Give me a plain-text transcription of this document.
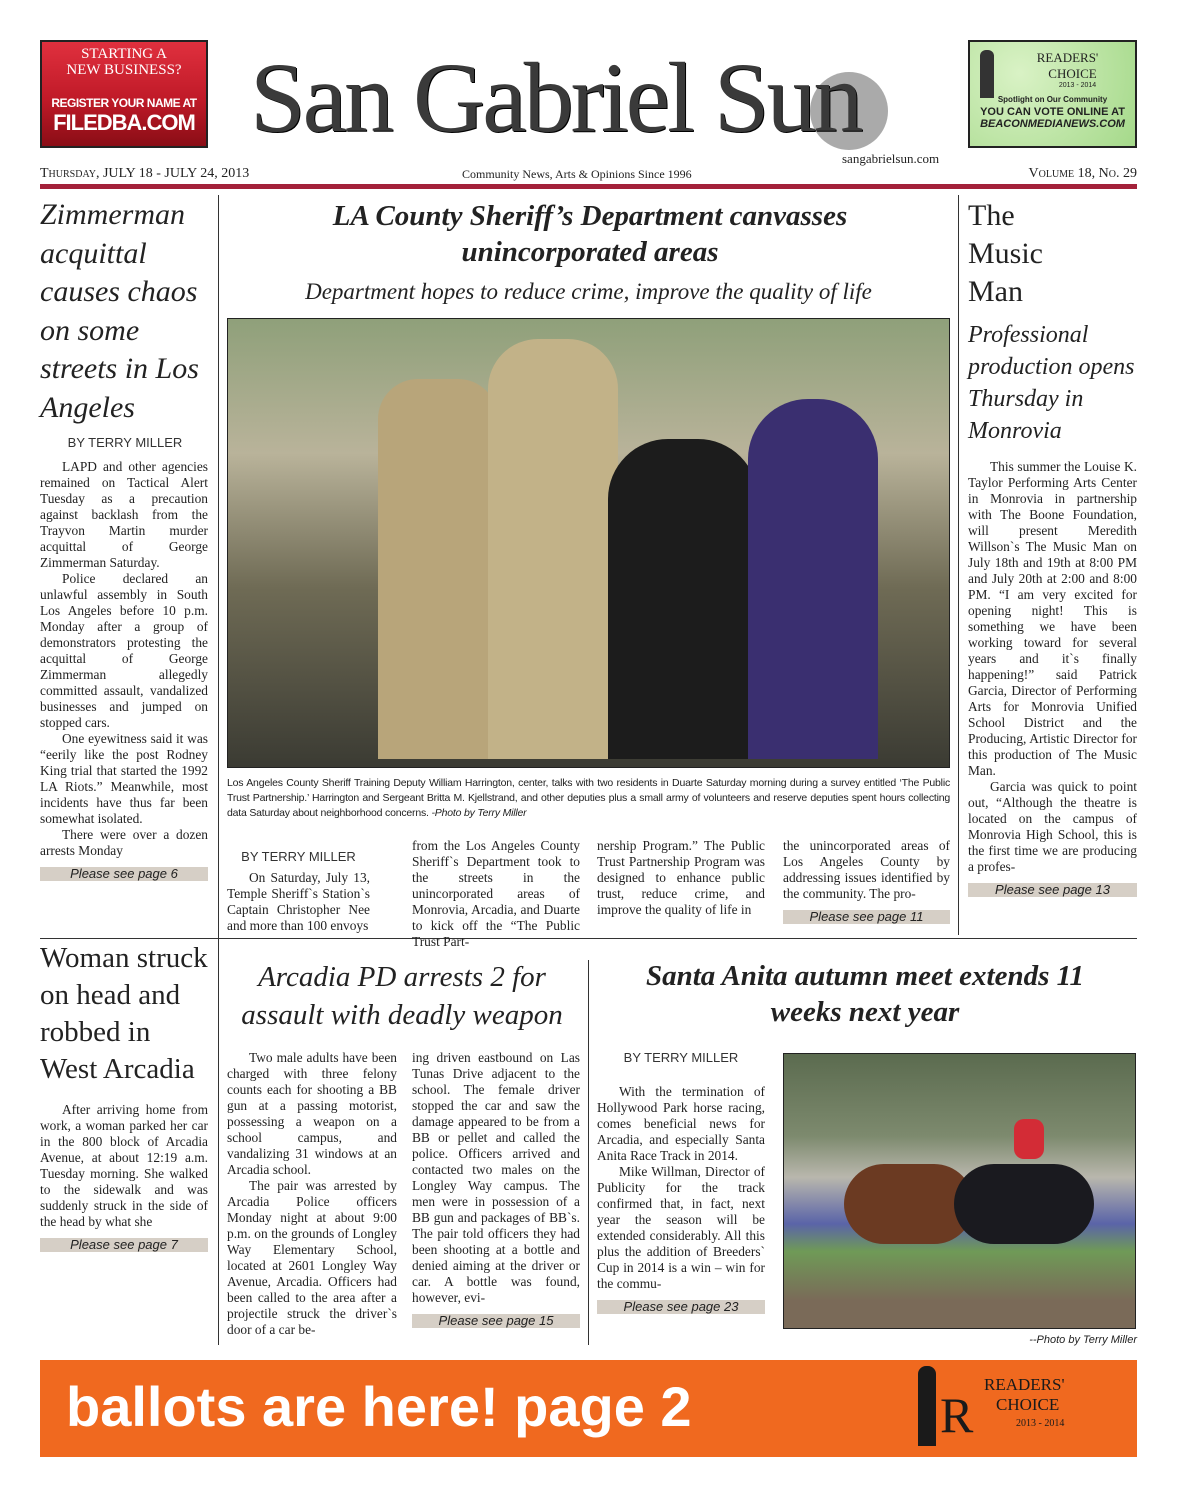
STARTING A
NEW BUSINESS?
REGISTER YOUR NAME AT
FILEDBA.COM San Gabriel Sun
sangabrielsun.com
READERS'
CHOICE
2013 - 2014
Spotlight on Our Community
YOU CAN VOTE ONLINE AT
BEACONMEDIANEWS.COM
Thursday, JULY 18 - JULY 24, 2013	Community News, Arts & Opinions Since 1996	Volume 18, No. 29
Zimmerman acquittal causes chaos on some streets in Los Angeles
BY TERRY MILLER

LAPD and other agencies remained on Tactical Alert Tuesday as a precaution against backlash from the Trayvon Martin murder acquittal of George Zimmerman Saturday.

Police declared an unlawful assembly in South Los Angeles before 10 p.m. Monday after a group of demonstrators protesting the acquittal of George Zimmerman allegedly committed assault, vandalized businesses and jumped on stopped cars.

One eyewitness said it was “eerily like the post Rodney King trial that started the 1992 LA Riots.” Meanwhile, most incidents have thus far been somewhat isolated.

There were over a dozen arrests Monday

Please see page 6
LA County Sheriff’s Department canvasses unincorporated areas
Department hopes to reduce crime, improve the quality of life
Los Angeles County Sheriff Training Deputy William Harrington, center, talks with two residents in Duarte Saturday morning during a survey entitled ‘The Public Trust Partnership.’ Harrington and Sergeant Britta M. Kjellstrand, and other deputies plus a small army of volunteers and reserve deputies spent hours collecting data Saturday about neighborhood concerns. -Photo by Terry Miller
BY TERRY MILLER
On Saturday, July 13, Temple Sheriff`s Station`s Captain Christopher Nee and more than 100 envoys
from the Los Angeles County Sheriff`s Department took to the streets in the unincorporated areas of Monrovia, Arcadia, and Duarte to kick off the “The Public Trust Part-
nership Program.” The Public Trust Partnership Program was designed to enhance public trust, reduce crime, and improve the quality of life in
the unincorporated areas of Los Angeles County by addressing issues identified by the community. The pro-
Please see page 11
The Music Man
Professional production opens Thursday in Monrovia

This summer the Louise K. Taylor Performing Arts Center in Monrovia in partnership with The Boone Foundation, will present Meredith Willson`s The Music Man on July 18th and 19th at 8:00 PM and July 20th at 2:00 and 8:00 PM. “I am very excited for opening night! This is something we have been working toward for several years and it`s finally happening!” said Patrick Garcia, Director of Performing Arts for Monrovia Unified School District and the Producing, Artistic Director for this production of The Music Man.

Garcia was quick to point out, “Although the theatre is located on the campus of Monrovia High School, this is the first time we are producing a profes-

Please see page 13
Woman struck on head and robbed in West Arcadia

After arriving home from work, a woman parked her car in the 800 block of Arcadia Avenue, at about 12:19 a.m. Tuesday morning. She walked to the sidewalk and was suddenly struck in the side of the head by what she

Please see page 7
Arcadia PD arrests 2 for assault with deadly weapon

Two male adults have been charged with three felony counts each for shooting a BB gun at a passing motorist, possessing a weapon on a school campus, and vandalizing 31 windows at an Arcadia school.

The pair was arrested by Arcadia Police officers Monday night at about 9:00 p.m. on the grounds of Longley Way Elementary School, located at 2601 Longley Way Avenue, Arcadia. Officers had been called to the area after a projectile struck the driver`s door of a car be-

ing driven eastbound on Las Tunas Drive adjacent to the school. The female driver stopped the car and saw the damage appeared to be from a BB or pellet and called the police. Officers arrived and contacted two males on the Longley Way campus. The men were in possession of a BB gun and packages of BB`s. The pair told officers they had been shooting at a bottle and denied aiming at the driver or car. A bottle was found, however, evi-
Please see page 15
Santa Anita autumn meet extends 11 weeks next year
BY TERRY MILLER

With the termination of Hollywood Park horse racing, comes beneficial news for Arcadia, and especially Santa Anita Race Track in 2014.

Mike Willman, Director of Publicity for the track confirmed that, in fact, next year the season will be extended considerably. All this plus the addition of Breeders` Cup in 2014 is a win – win for the commu-

Please see page 23
--Photo by Terry Miller
ballots are here! page 2	R
READERS'
CHOICE
2013 - 2014
